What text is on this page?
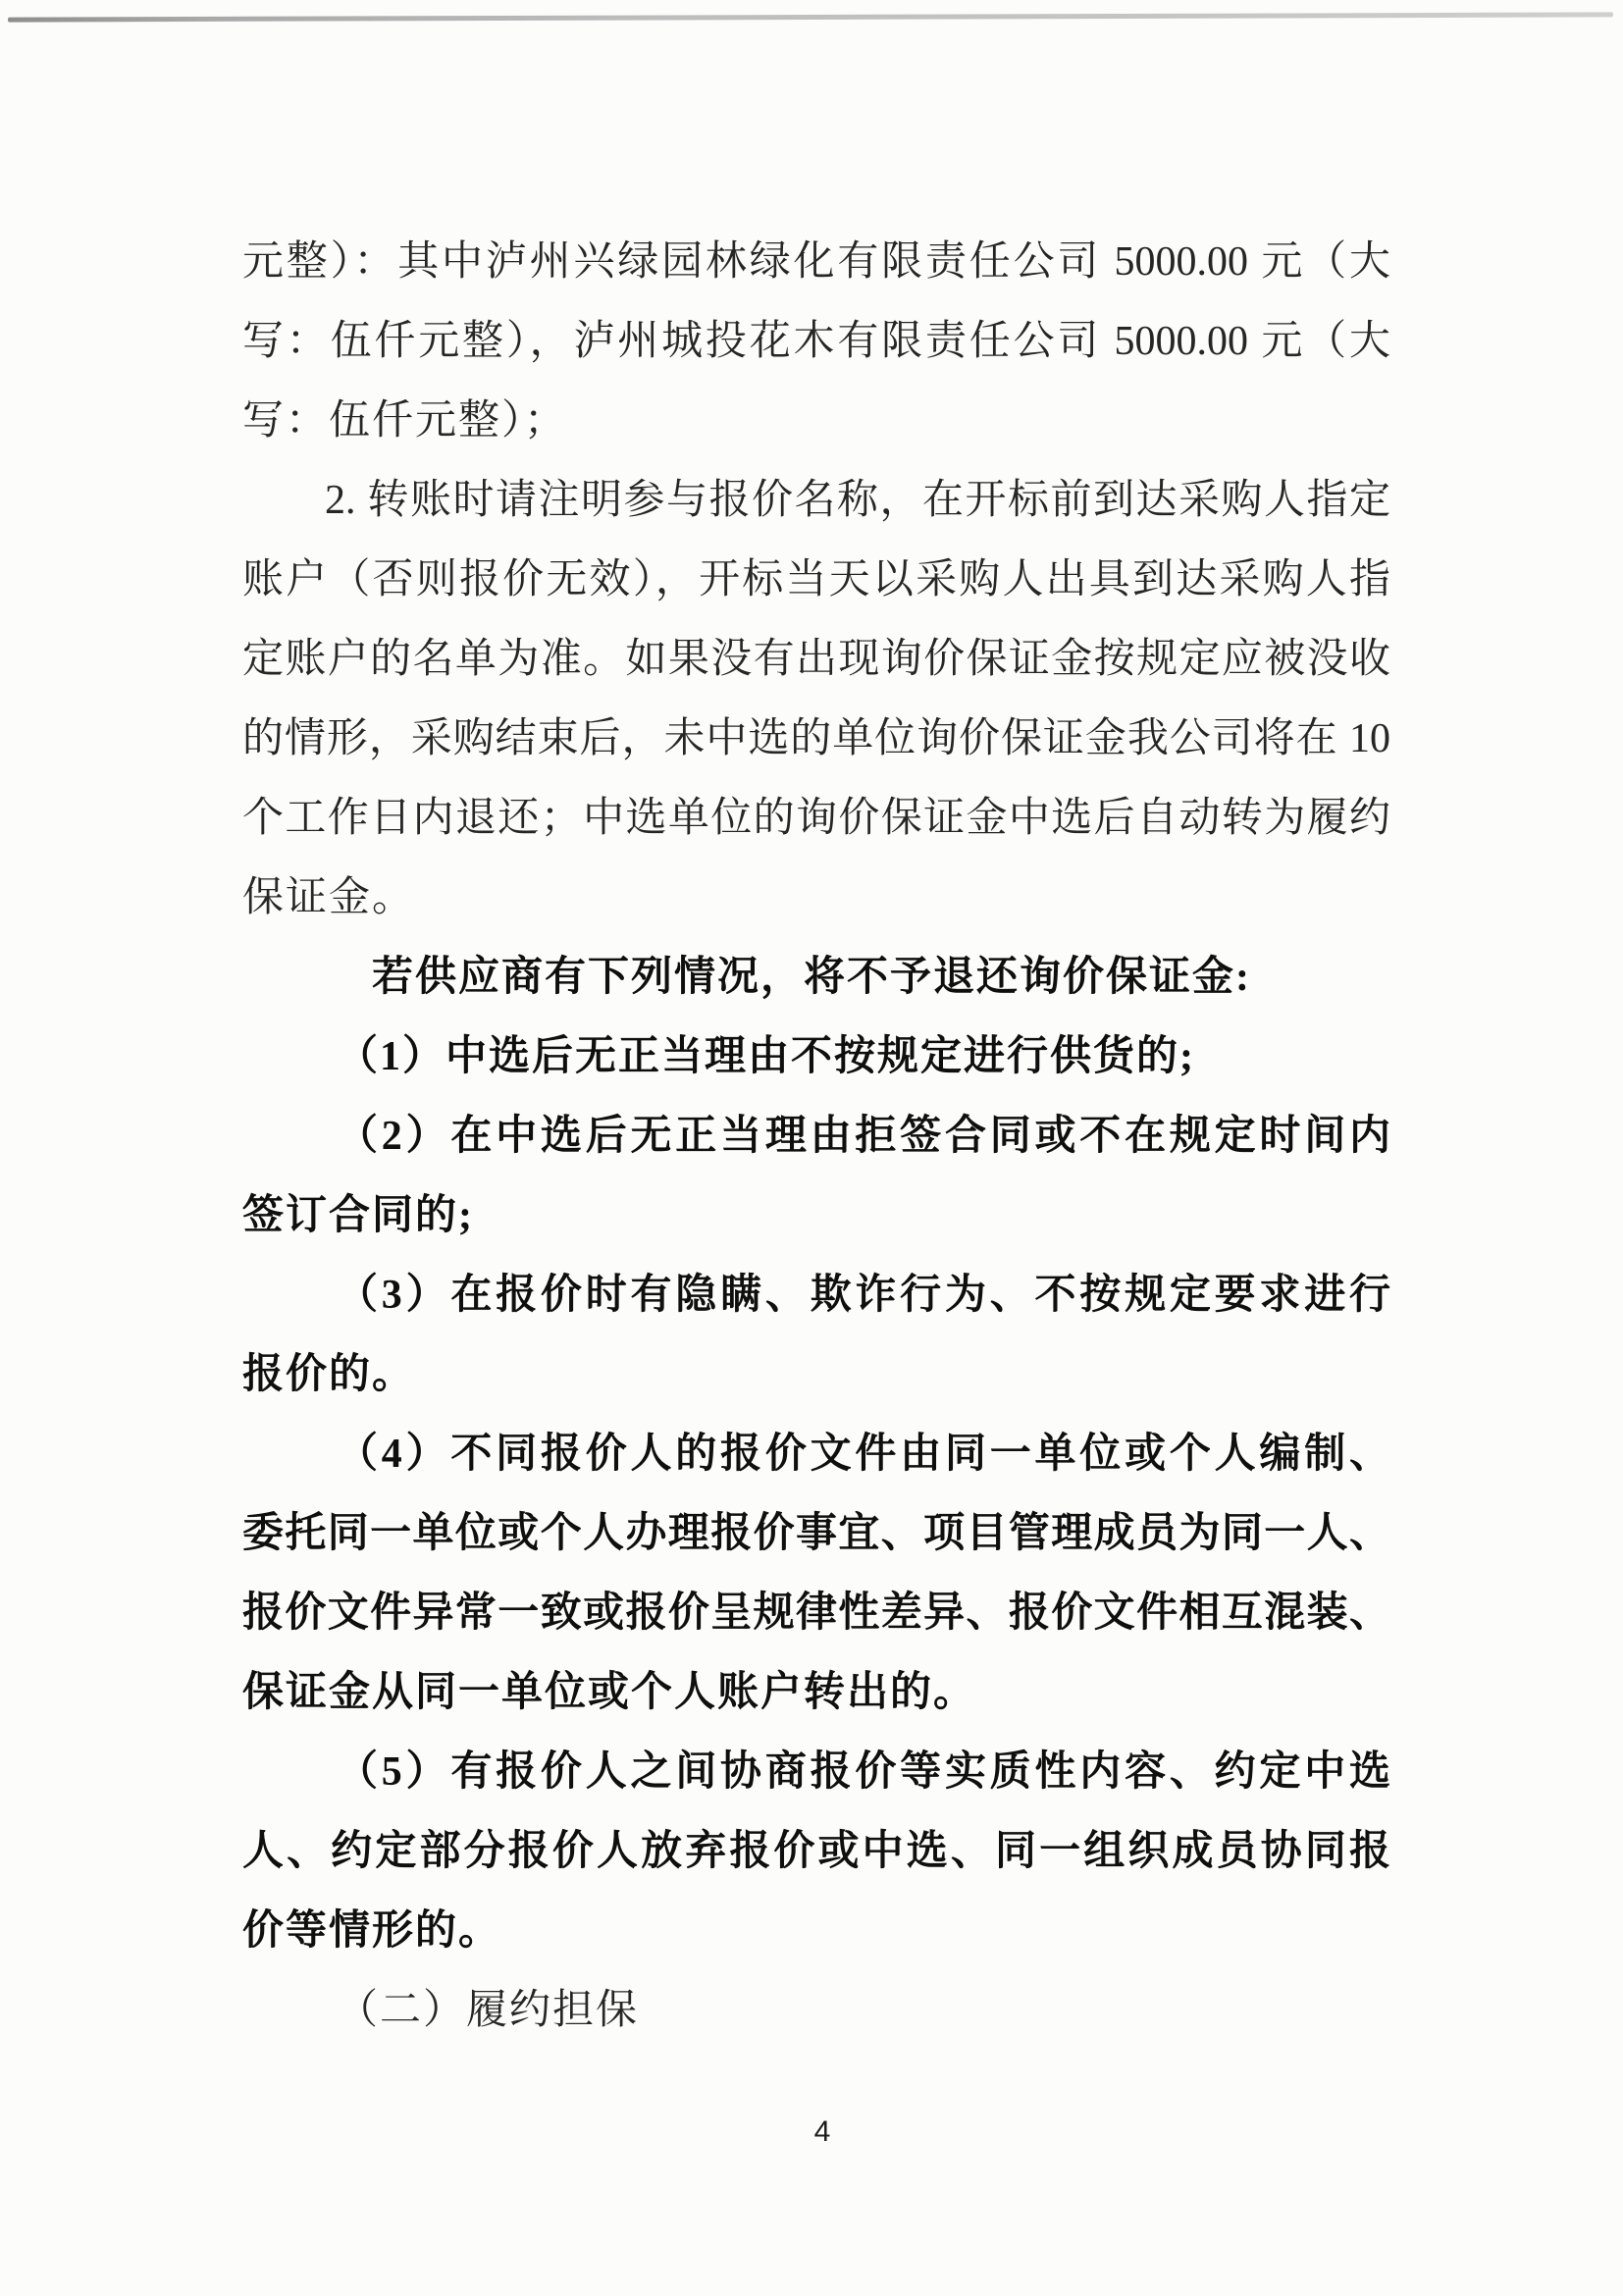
元整）：其中泸州兴绿园林绿化有限责任公司 5000.00 元（大
写：伍仟元整），泸州城投花木有限责任公司 5000.00 元（大
写：伍仟元整）；
2. 转账时请注明参与报价名称，在开标前到达采购人指定
账户（否则报价无效），开标当天以采购人出具到达采购人指
定账户的名单为准。如果没有出现询价保证金按规定应被没收
的情形，采购结束后，未中选的单位询价保证金我公司将在 10
个工作日内退还；中选单位的询价保证金中选后自动转为履约
保证金。
若供应商有下列情况，将不予退还询价保证金:
（1）中选后无正当理由不按规定进行供货的;
（2）在中选后无正当理由拒签合同或不在规定时间内
签订合同的;
（3）在报价时有隐瞒、欺诈行为、不按规定要求进行
报价的。
（4）不同报价人的报价文件由同一单位或个人编制、
委托同一单位或个人办理报价事宜、项目管理成员为同一人、
报价文件异常一致或报价呈规律性差异、报价文件相互混装、
保证金从同一单位或个人账户转出的。
（5）有报价人之间协商报价等实质性内容、约定中选
人、约定部分报价人放弃报价或中选、同一组织成员协同报
价等情形的。
（二）履约担保
4
